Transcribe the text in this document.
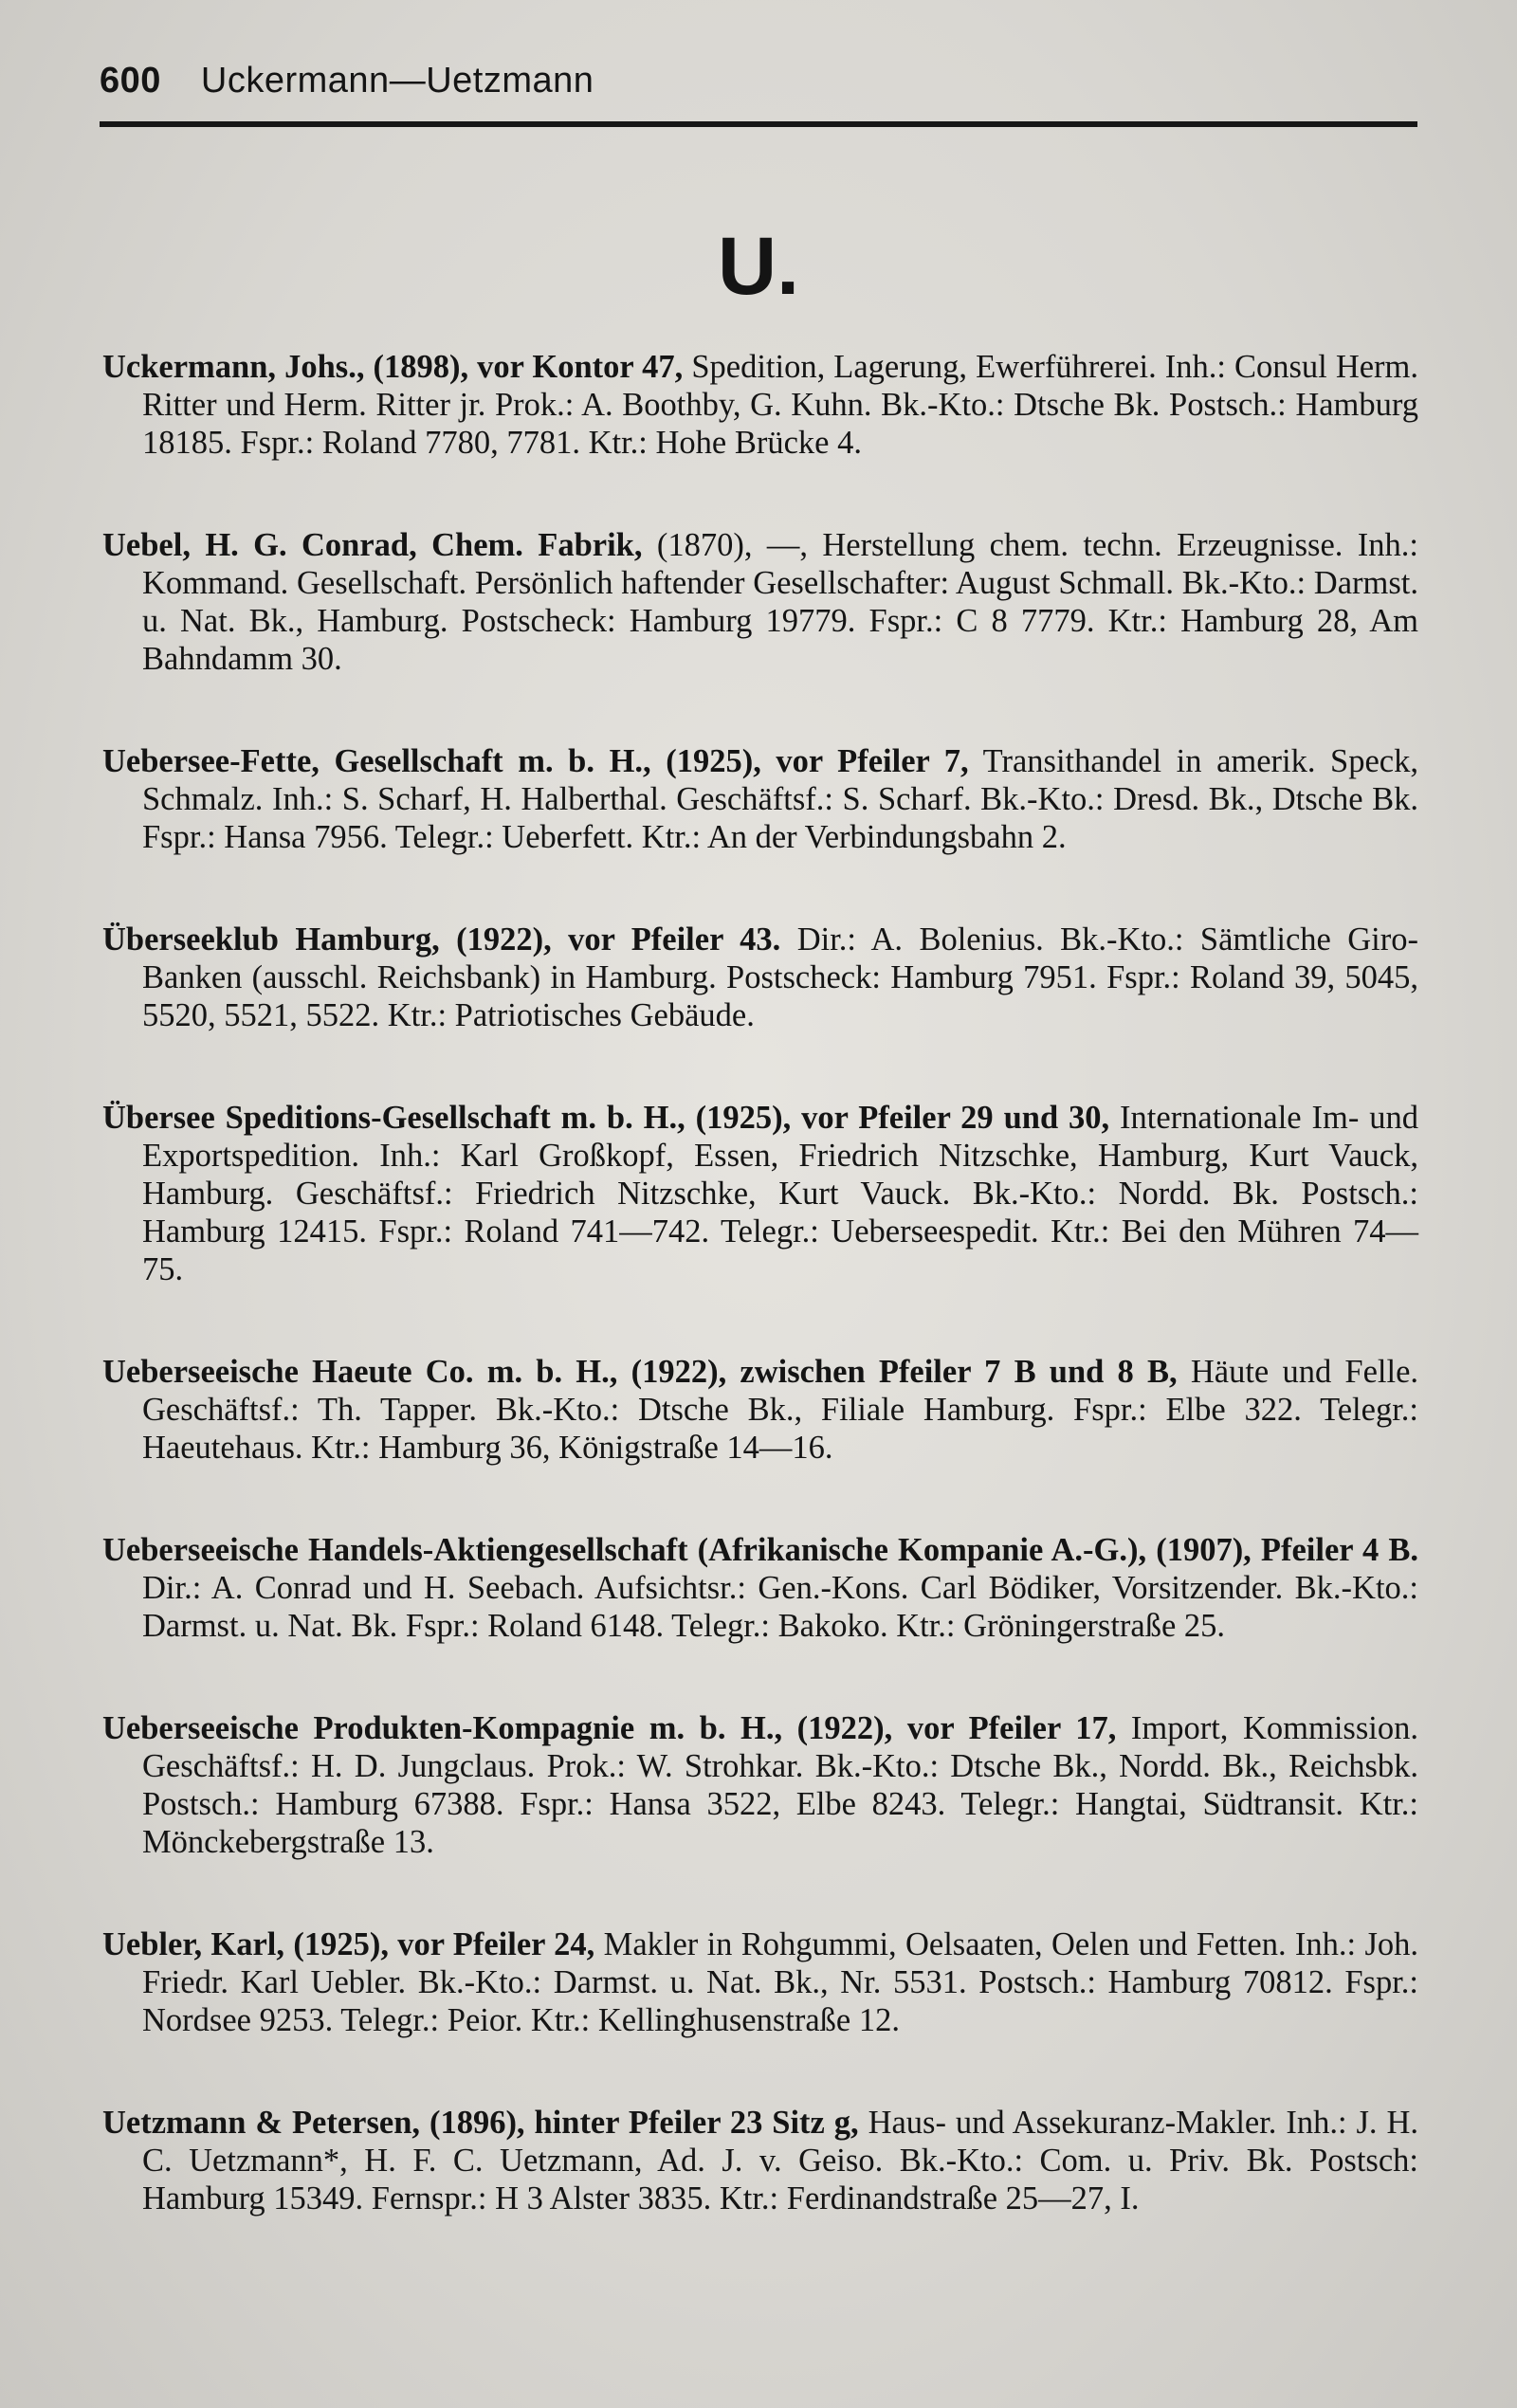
600 Uckermann—Uetzmann
U.

Uckermann, Johs., (1898), vor Kontor 47, Spedition, Lagerung, Ewerführerei. Inh.: Consul Herm. Ritter und Herm. Ritter jr. Prok.: A. Boothby, G. Kuhn. Bk.-Kto.: Dtsche Bk. Postsch.: Hamburg 18185. Fspr.: Roland 7780, 7781. Ktr.: Hohe Brücke 4.

Uebel, H. G. Conrad, Chem. Fabrik, (1870), —, Herstellung chem. techn. Erzeugnisse. Inh.: Kommand. Gesellschaft. Persönlich haftender Gesellschafter: August Schmall. Bk.-Kto.: Darmst. u. Nat. Bk., Hamburg. Postscheck: Hamburg 19779. Fspr.: C 8 7779. Ktr.: Hamburg 28, Am Bahndamm 30.

Uebersee-Fette, Gesellschaft m. b. H., (1925), vor Pfeiler 7, Transithandel in amerik. Speck, Schmalz. Inh.: S. Scharf, H. Halberthal. Geschäftsf.: S. Scharf. Bk.-Kto.: Dresd. Bk., Dtsche Bk. Fspr.: Hansa 7956. Telegr.: Ueberfett. Ktr.: An der Verbindungsbahn 2.

Überseeklub Hamburg, (1922), vor Pfeiler 43. Dir.: A. Bolenius. Bk.-Kto.: Sämtliche Giro-Banken (ausschl. Reichsbank) in Hamburg. Postscheck: Hamburg 7951. Fspr.: Roland 39, 5045, 5520, 5521, 5522. Ktr.: Patriotisches Gebäude.

Übersee Speditions-Gesellschaft m. b. H., (1925), vor Pfeiler 29 und 30, Internationale Im- und Exportspedition. Inh.: Karl Großkopf, Essen, Friedrich Nitzschke, Hamburg, Kurt Vauck, Hamburg. Geschäftsf.: Friedrich Nitzschke, Kurt Vauck. Bk.-Kto.: Nordd. Bk. Postsch.: Hamburg 12415. Fspr.: Roland 741—742. Telegr.: Ueberseespedit. Ktr.: Bei den Mühren 74—75.

Ueberseeische Haeute Co. m. b. H., (1922), zwischen Pfeiler 7 B und 8 B, Häute und Felle. Geschäftsf.: Th. Tapper. Bk.-Kto.: Dtsche Bk., Filiale Hamburg. Fspr.: Elbe 322. Telegr.: Haeutehaus. Ktr.: Hamburg 36, Königstraße 14—16.

Ueberseeische Handels-Aktiengesellschaft (Afrikanische Kompanie A.-G.), (1907), Pfeiler 4 B. Dir.: A. Conrad und H. Seebach. Aufsichtsr.: Gen.-Kons. Carl Bödiker, Vorsitzender. Bk.-Kto.: Darmst. u. Nat. Bk. Fspr.: Roland 6148. Telegr.: Bakoko. Ktr.: Gröningerstraße 25.

Ueberseeische Produkten-Kompagnie m. b. H., (1922), vor Pfeiler 17, Import, Kommission. Geschäftsf.: H. D. Jungclaus. Prok.: W. Strohkar. Bk.-Kto.: Dtsche Bk., Nordd. Bk., Reichsbk. Postsch.: Hamburg 67388. Fspr.: Hansa 3522, Elbe 8243. Telegr.: Hangtai, Südtransit. Ktr.: Mönckebergstraße 13.

Uebler, Karl, (1925), vor Pfeiler 24, Makler in Rohgummi, Oelsaaten, Oelen und Fetten. Inh.: Joh. Friedr. Karl Uebler. Bk.-Kto.: Darmst. u. Nat. Bk., Nr. 5531. Postsch.: Hamburg 70812. Fspr.: Nordsee 9253. Telegr.: Peior. Ktr.: Kellinghusenstraße 12.

Uetzmann & Petersen, (1896), hinter Pfeiler 23 Sitz g, Haus- und Assekuranz-Makler. Inh.: J. H. C. Uetzmann*, H. F. C. Uetzmann, Ad. J. v. Geiso. Bk.-Kto.: Com. u. Priv. Bk. Postsch: Hamburg 15349. Fernspr.: H 3 Alster 3835. Ktr.: Ferdinandstraße 25—27, I.
